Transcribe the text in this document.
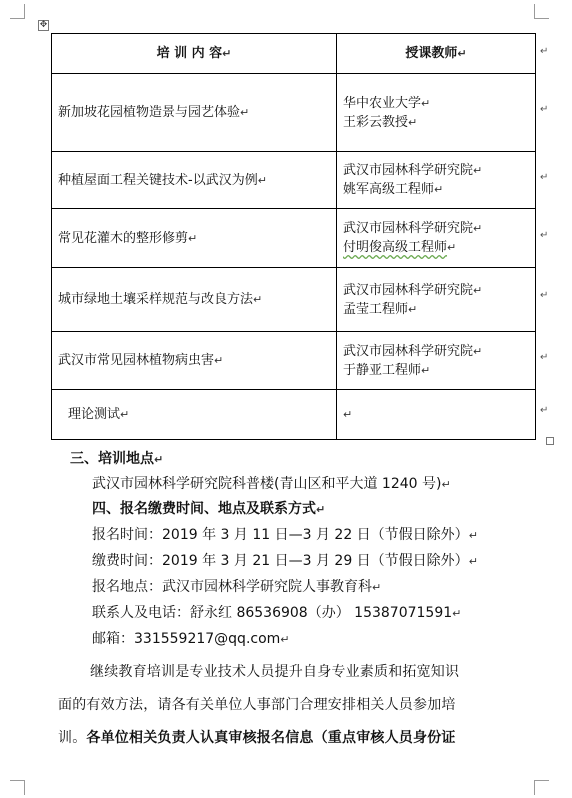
✥
培 训 内 容↵	授课教师↵
新加坡花园植物造景与园艺体验↵	华中农业大学↵
王彩云教授↵
种植屋面工程关键技术-以武汉为例↵	武汉市园林科学研究院↵
姚军高级工程师↵
常见花灌木的整形修剪↵	武汉市园林科学研究院↵
付明俊高级工程师↵
城市绿地土壤采样规范与改良方法↵	武汉市园林科学研究院↵
孟莹工程师↵
武汉市常见园林植物病虫害↵	武汉市园林科学研究院↵
于静亚工程师↵
理论测试↵	↵
↵
↵
↵
↵
↵
↵
↵
三、培训地点↵
武汉市园林科学研究院科普楼(青山区和平大道 1240 号)↵
四、报名缴费时间、地点及联系方式↵
报名时间：2019 年 3 月 11 日—3 月 22 日（节假日除外）↵
缴费时间：2019 年 3 月 21 日—3 月 29 日（节假日除外）↵
报名地点：武汉市园林科学研究院人事教育科↵
联系人及电话：舒永红 86536908（办） 15387071591↵
邮箱：331559217@qq.com↵
继续教育培训是专业技术人员提升自身专业素质和拓宽知识
面的有效方法，请各有关单位人事部门合理安排相关人员参加培
训。各单位相关负责人认真审核报名信息（重点审核人员身份证
